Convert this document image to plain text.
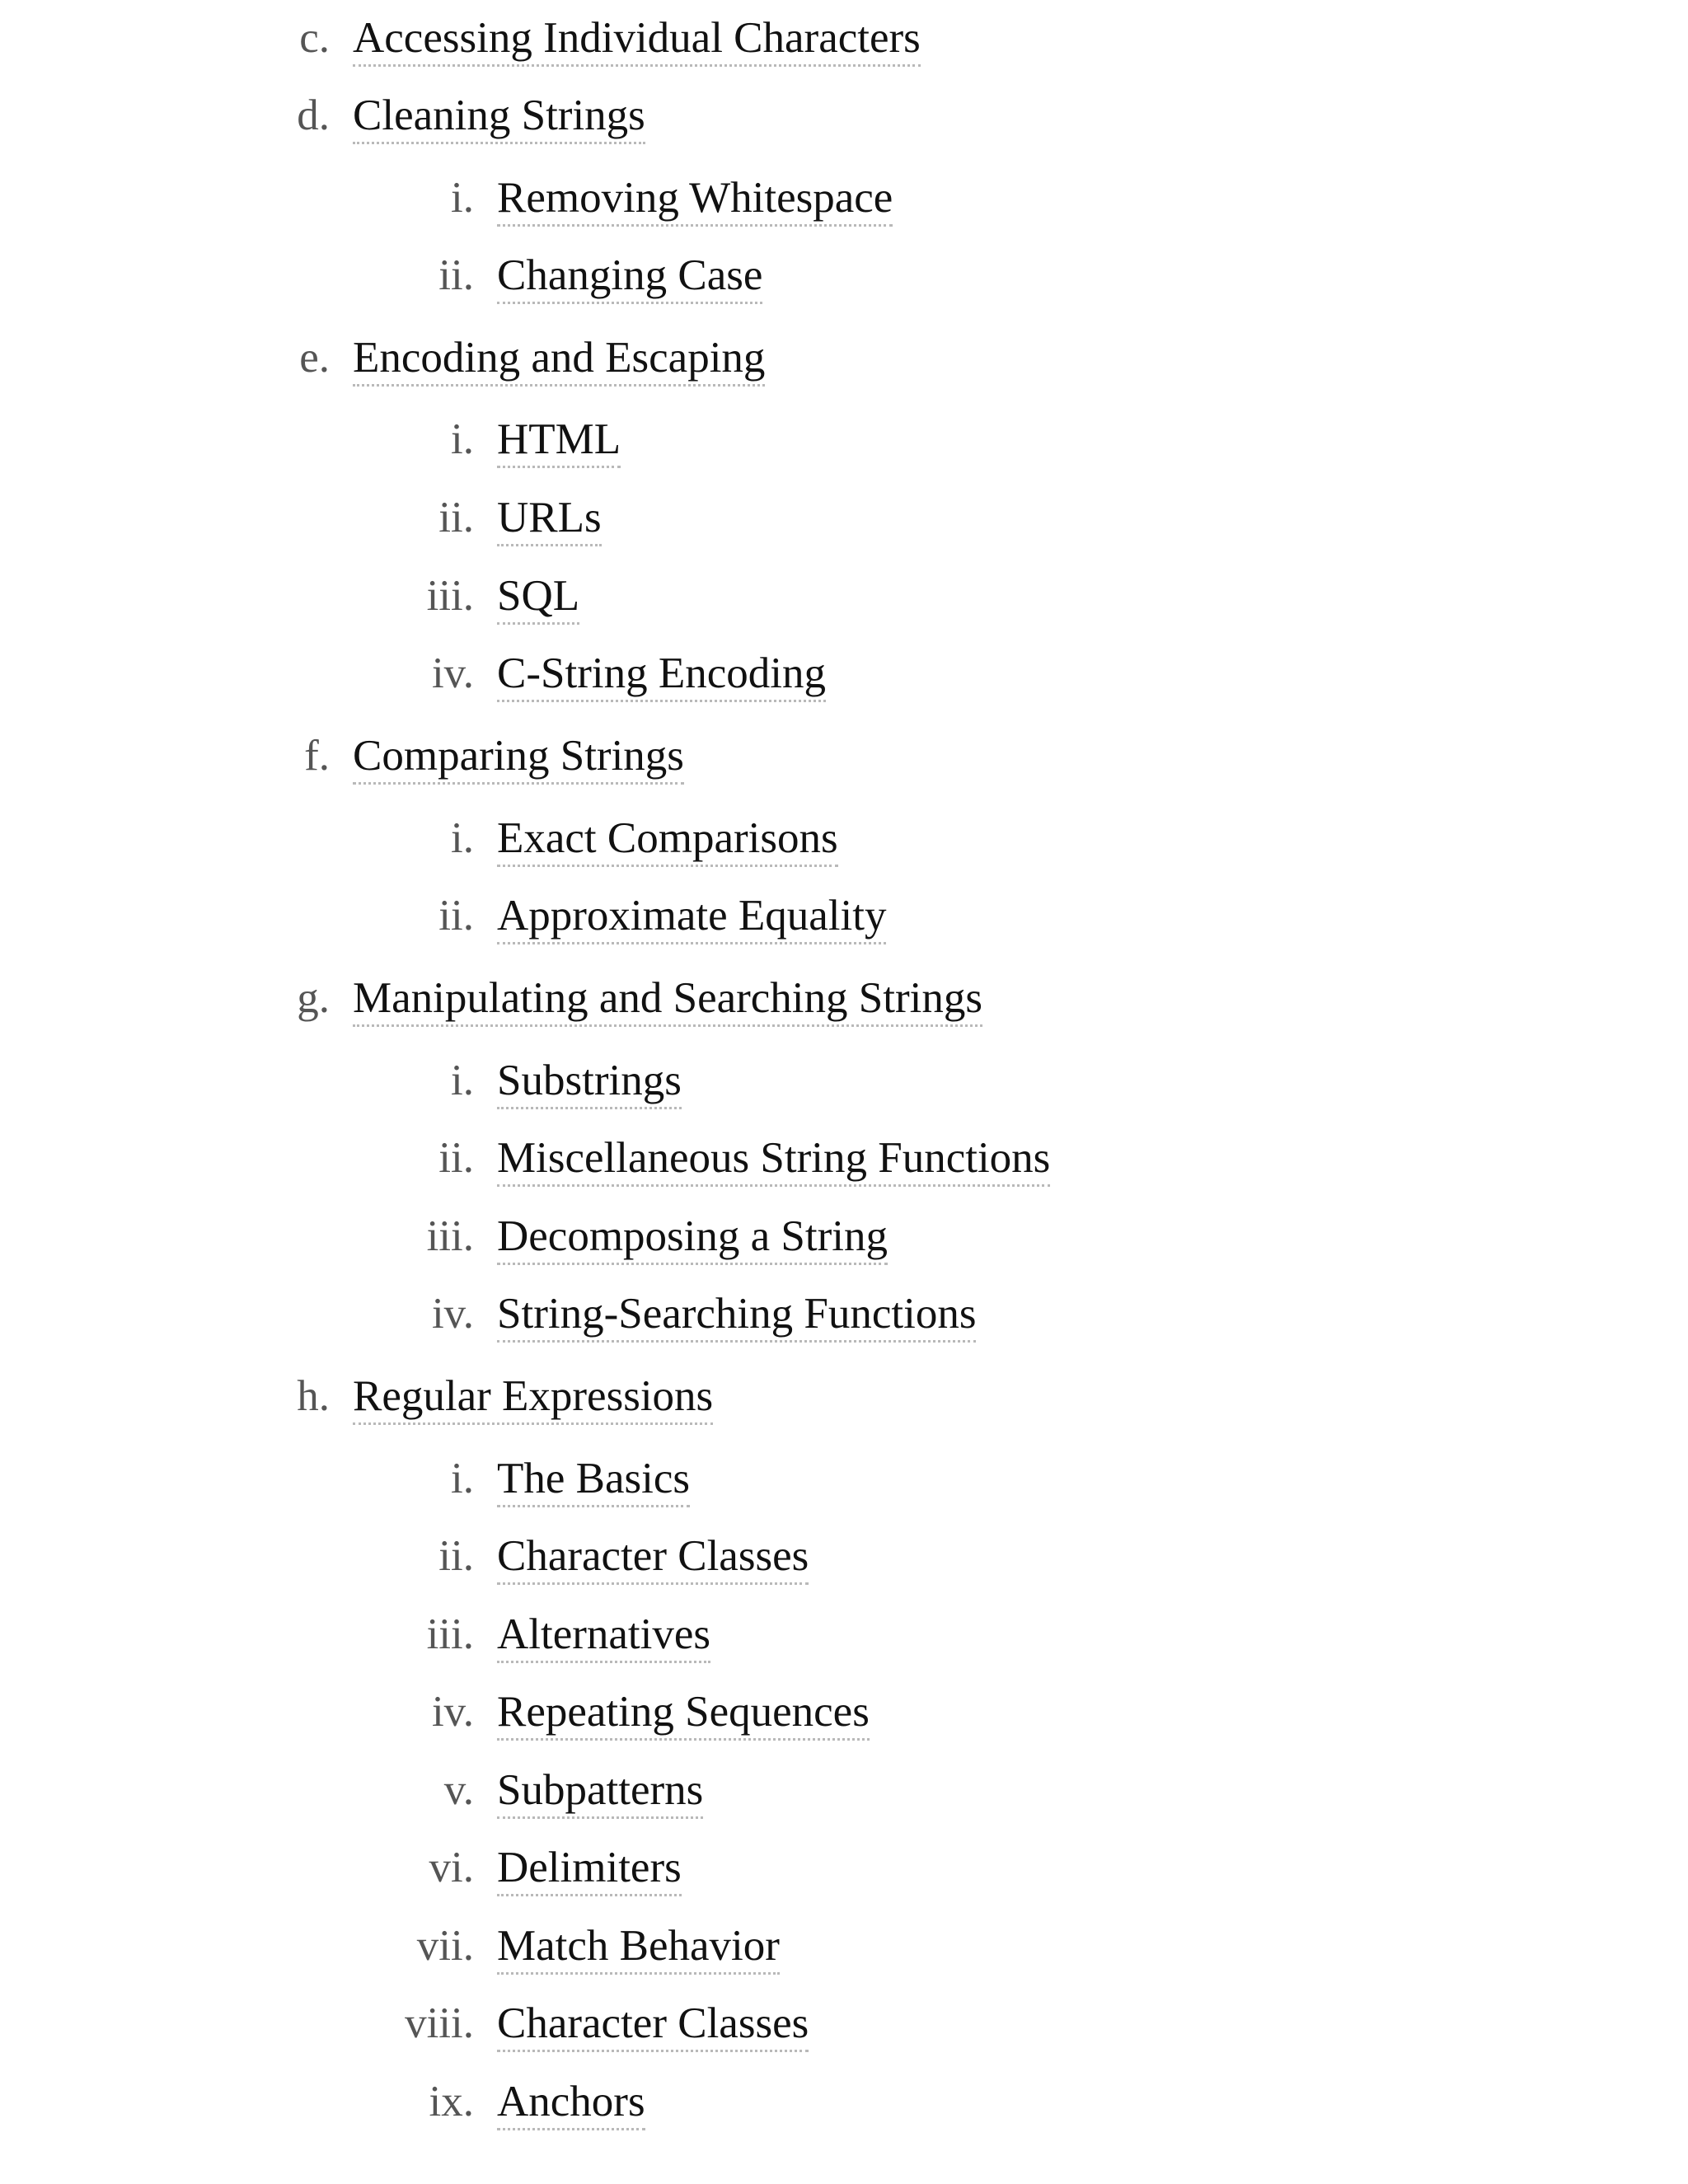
c. Accessing Individual Characters
d. Cleaning Strings
i. Removing Whitespace
ii. Changing Case
e. Encoding and Escaping
i. HTML
ii. URLs
iii. SQL
iv. C-String Encoding
f. Comparing Strings
i. Exact Comparisons
ii. Approximate Equality
g. Manipulating and Searching Strings
i. Substrings
ii. Miscellaneous String Functions
iii. Decomposing a String
iv. String-Searching Functions
h. Regular Expressions
i. The Basics
ii. Character Classes
iii. Alternatives
iv. Repeating Sequences
v. Subpatterns
vi. Delimiters
vii. Match Behavior
viii. Character Classes
ix. Anchors
